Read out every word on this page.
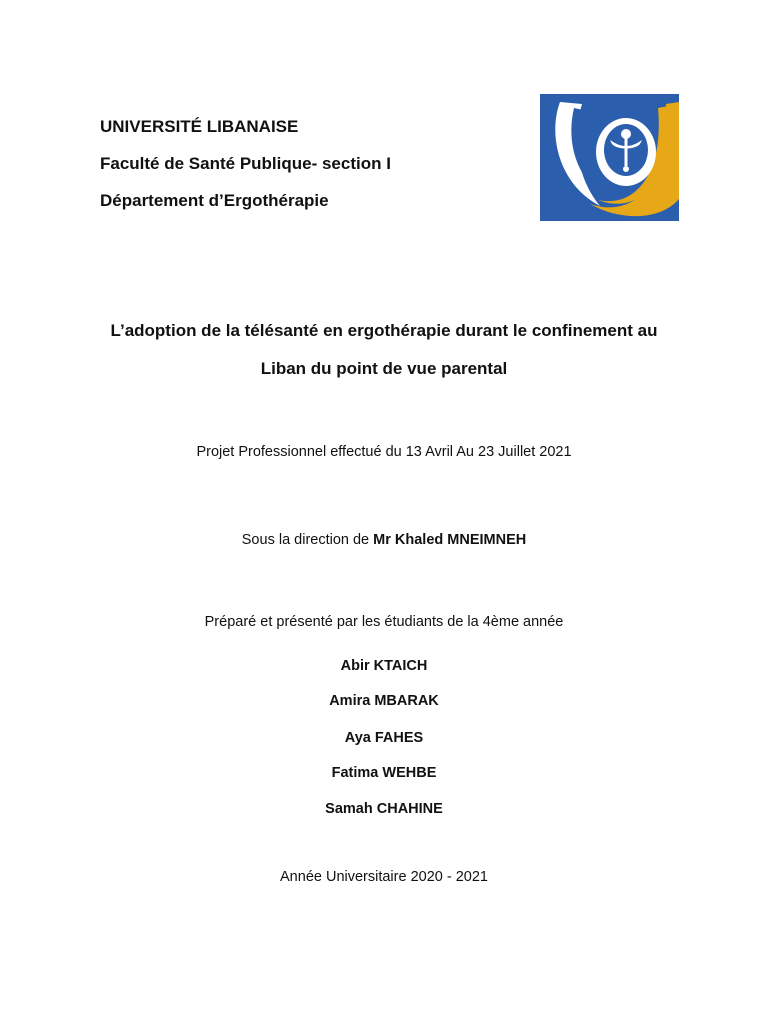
UNIVERSITÉ LIBANAISE
Faculté de Santé Publique- section I
Département d’Ergothérapie
L’adoption de la télésanté en ergothérapie durant le confinement au
Liban du point de vue parental
Projet Professionnel effectué du 13 Avril Au 23 Juillet 2021
Sous la direction de Mr Khaled MNEIMNEH
Préparé et présenté par les étudiants de la 4ème année
Abir KTAICH
Amira MBARAK
Aya FAHES
Fatima WEHBE
Samah CHAHINE
Année Universitaire 2020 - 2021
